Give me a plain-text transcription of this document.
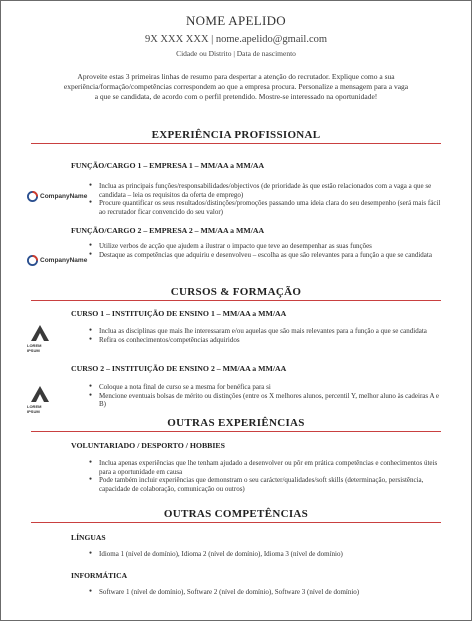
NOME APELIDO
9X XXX XXX | nome.apelido@gmail.com
Cidade ou Distrito | Data de nascimento
Aproveite estas 3 primeiras linhas de resumo para despertar a atenção do recrutador. Explique como a sua
experiência/formação/competências correspondem ao que a empresa procura. Personalize a mensagem para a vaga
a que se candidata, de acordo com o perfil pretendido. Mostre-se interessado na oportunidade!
EXPERIÊNCIA PROFISSIONAL
FUNÇÃO/CARGO 1 – EMPRESA 1 – MM/AA a MM/AA
CompanyName
● Inclua as principais funções/responsabilidades/objectivos (de prioridade às que estão relacionados com a vaga a que se candidata – leia os requisitos da oferta de emprego)
● Procure quantificar os seus resultados/distinções/promoções passando uma ideia clara do seu desempenho (será mais fácil ao recrutador ficar convencido do seu valor)
FUNÇÃO/CARGO 2 – EMPRESA 2 – MM/AA a MM/AA
CompanyName
● Utilize verbos de acção que ajudem a ilustrar o impacto que teve ao desempenhar as suas funções
● Destaque as competências que adquiriu e desenvolveu – escolha as que são relevantes para a função a que se candidata
CURSOS & FORMAÇÃO
CURSO 1 – INSTITUIÇÃO DE ENSINO 1 – MM/AA a MM/AA
LOREM IPSUM
● Inclua as disciplinas que mais lhe interessaram e/ou aquelas que são mais relevantes para a função a que se candidata
● Refira os conhecimentos/competências adquiridos
CURSO 2 – INSTITUIÇÃO DE ENSINO 2 – MM/AA a MM/AA
LOREM IPSUM
● Coloque a nota final de curso se a mesma for benéfica para si
● Mencione eventuais bolsas de mérito ou distinções (entre os X melhores alunos, percentil Y, melhor aluno às cadeiras A e B)
OUTRAS EXPERIÊNCIAS
VOLUNTARIADO / DESPORTO / HOBBIES
● Inclua apenas experiências que lhe tenham ajudado a desenvolver ou pôr em prática competências e conhecimentos úteis para a oportunidade em causa
● Pode também incluir experiências que demonstram o seu carácter/qualidades/soft skills (determinação, persistência, capacidade de colaboração, comunicação ou outros)
OUTRAS COMPETÊNCIAS
LÍNGUAS
● Idioma 1 (nível de domínio), Idioma 2 (nível de domínio), Idioma 3 (nível de domínio)
INFORMÁTICA
● Software 1 (nível de domínio), Software 2 (nível de domínio), Software 3 (nível de domínio)
